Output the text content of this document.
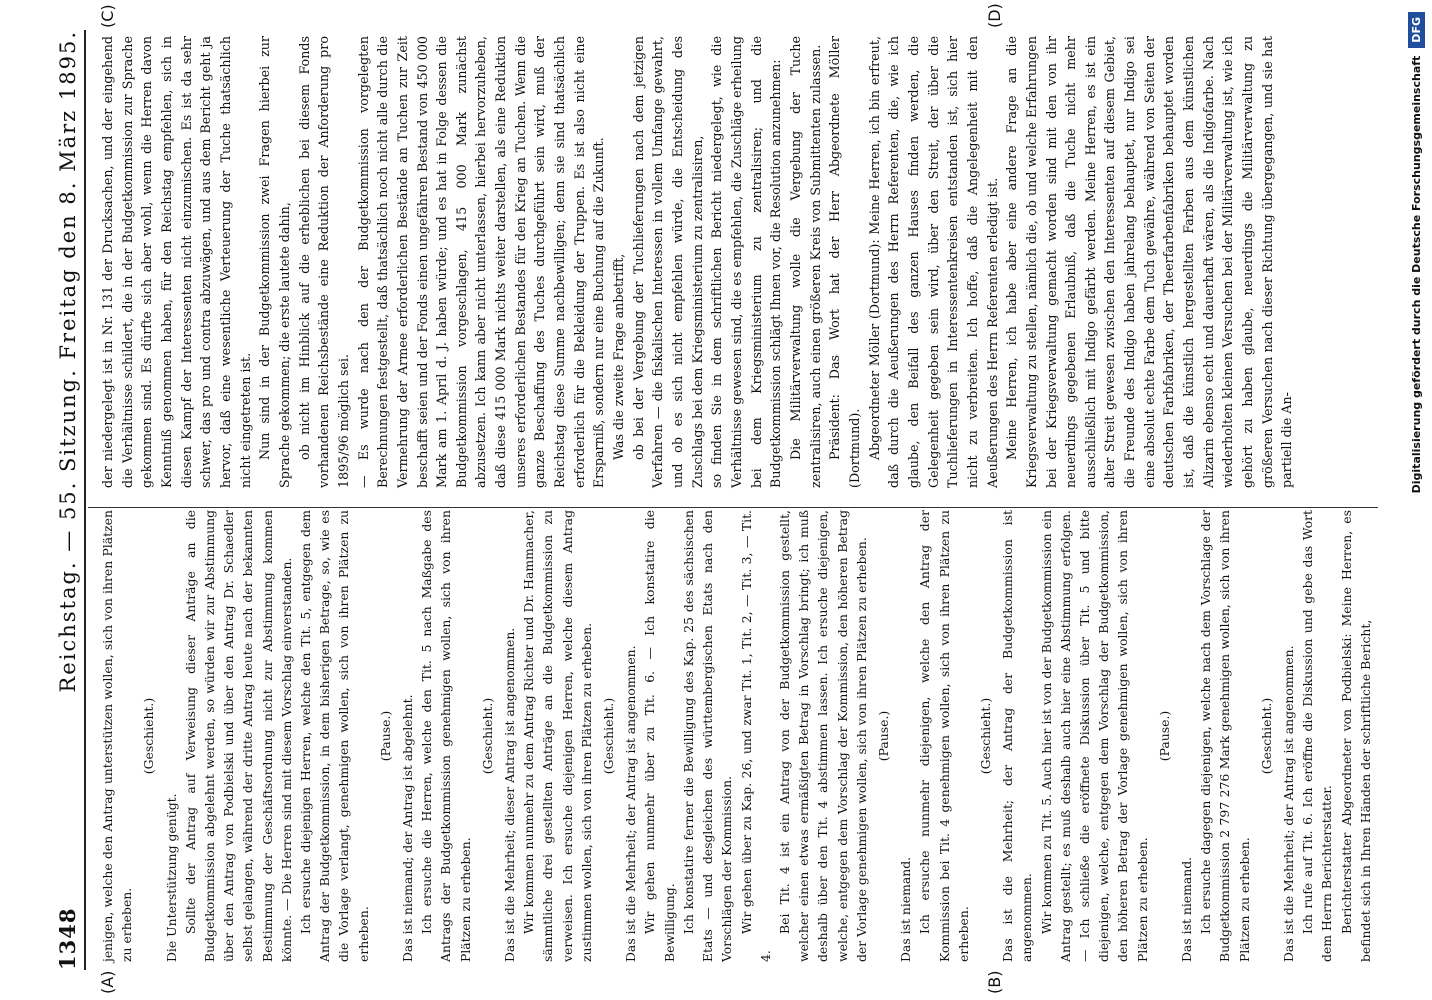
1348
Reichstag. — 55. Sitzung. Freitag den 8. März 1895.
(A)	(B)
(C)	(D)

jenigen, welche den Antrag unterstützen wollen, sich von ihren Plätzen zu erheben.

(Geschieht.)

Die Unterstützung genügt. Sollte der Antrag auf Verweisung dieser Anträge an die Budgetkommission abgelehnt werden, so würden wir zur Abstimmung über den Antrag von Podbielski und über den Antrag Dr. Schaedler selbst gelangen, während der dritte Antrag heute nach der bekannten Bestimmung der Geschäftsordnung nicht zur Abstimmung kommen könnte. — Die Herren sind mit diesem Vorschlag einverstanden. Ich ersuche diejenigen Herren, welche den Tit. 5, entgegen dem Antrag der Budgetkommission, in dem bisherigen Betrage, so, wie es die Vorlage verlangt, genehmigen wollen, sich von ihren Plätzen zu erheben.

(Pause.) Das ist niemand; der Antrag ist abgelehnt. Ich ersuche die Herren, welche den Tit. 5 nach Maßgabe des Antrags der Budgetkommission genehmigen wollen, sich von ihren Plätzen zu erheben.

(Geschieht.) Das ist die Mehrheit; dieser Antrag ist angenommen. Wir kommen nunmehr zu dem Antrag Richter und Dr. Hammacher, sämmtliche drei gestellten Anträge an die Budgetkommission zu verweisen. Ich ersuche diejenigen Herren, welche diesem Antrag zustimmen wollen, sich von ihren Plätzen zu erheben. (Geschieht.) Das ist die Mehrheit; der Antrag ist angenommen. Wir gehen nunmehr über zu Tit. 6. — Ich konstatire die Bewilligung. Ich konstatire ferner die Bewilligung des Kap. 25 des sächsischen Etats — und desgleichen des württembergischen Etats nach den Vorschlägen der Kommission. Wir gehen über zu Kap. 26, und zwar Tit. 1, Tit. 2, — Tit. 3, — Tit. 4.

Bei Tit. 4 ist ein Antrag von der Budgetkommission gestellt, welcher einen etwas ermäßigten Betrag in Vorschlag bringt; ich muß deshalb über den Tit. 4 abstimmen lassen. Ich ersuche diejenigen, welche, entgegen dem Vorschlag der Kommission, den höheren Betrag der Vorlage genehmigen wollen, sich von ihren Plätzen zu erheben. (Pause.)

Das ist niemand. Ich ersuche nunmehr diejenigen, welche den Antrag der Kommission bei Tit. 4 genehmigen wollen, sich von ihren Plätzen zu erheben.

(Geschieht.) Das ist die Mehrheit; der Antrag der Budgetkommission ist angenommen. Wir kommen zu Tit. 5. Auch hier ist von der Budgetkommission ein Antrag gestellt; es muß deshalb auch hier eine Abstimmung erfolgen. — Ich schließe die eröffnete Diskussion über Tit. 5 und bitte diejenigen, welche, entgegen dem Vorschlag der Budgetkommission, den höheren Betrag der Vorlage genehmigen wollen, sich von ihren Plätzen zu erheben.

(Pause.)

Das ist niemand. Ich ersuche dagegen diejenigen, welche nach dem Vorschlage der Budgetkommission 2 797 276 Mark genehmigen wollen, sich von ihren Plätzen zu erheben.

(Geschieht.) Das ist die Mehrheit; der Antrag ist angenommen. Ich rufe auf Tit. 6. Ich eröffne die Diskussion und gebe das Wort dem Herrn Berichterstatter. Berichterstatter Abgeordneter von Podbielski: Meine Herren, es befindet sich in Ihren Händen der schriftliche Bericht,

der niedergelegt ist in Nr. 131 der Drucksachen, und der eingehend die Verhältnisse schildert, die in der Budgetkommission zur Sprache gekommen sind. Es dürfte sich aber wohl, wenn die Herren davon Kenntniß genommen haben, für den Reichstag empfehlen, sich in diesen Kampf der Interessenten nicht einzumischen. Es ist da sehr schwer, das pro und contra abzuwägen, und aus dem Bericht geht ja hervor, daß eine wesentliche Verteuerung der Tuche thatsächlich nicht eingetreten ist. Nun sind in der Budgetkommission zwei Fragen hierbei zur Sprache gekommen; die erste lautete dahin, ob nicht im Hinblick auf die erheblichen bei diesem Fonds vorhandenen Reichsbestände eine Reduktion der Anforderung pro 1895/96 möglich sei. — Es wurde nach den der Budgetkommission vorgelegten Berechnungen festgestellt, daß thatsächlich noch nicht alle durch die Vermehrung der Armee erforderlichen Bestände an Tuchen zur Zeit beschafft seien und der Fonds einen ungefähren Bestand von 450 000 Mark am 1. April d. J. haben würde; und es hat in Folge dessen die Budgetkommission vorgeschlagen, 415 000 Mark zunächst abzusetzen. Ich kann aber nicht unterlassen, hierbei hervorzuheben, daß diese 415 000 Mark nichts weiter darstellen, als eine Reduktion unseres erforderlichen Bestandes für den Krieg an Tuchen. Wenn die ganze Beschaffung des Tuches durchgeführt sein wird, muß der Reichstag diese Summe nachbewilligen; denn sie sind thatsächlich erforderlich für die Bekleidung der Truppen. Es ist also nicht eine Ersparniß, sondern nur eine Buchung auf die Zukunft. Was die zweite Frage anbetrifft, ob bei der Vergebung der Tuchlieferungen nach dem jetzigen Verfahren — die fiskalischen Interessen in vollem Umfange gewahrt, und ob es sich nicht empfehlen würde, die Entscheidung des Zuschlags bei dem Kriegsministerium zu zentralisiren, so finden Sie in dem schriftlichen Bericht niedergelegt, wie die Verhältnisse gewesen sind, die es empfehlen, die Zuschläge erheilung bei dem Kriegsministerium zu zentralisiren; und die Budgetkommission schlägt Ihnen vor, die Resolution anzunehmen: Die Militärverwaltung wolle die Vergebung der Tuche zentralisiren, auch einen größeren Kreis von Submittenten zulassen. Präsident: Das Wort hat der Herr Abgeordnete Möller (Dortmund). Abgeordneter Möller (Dortmund): Meine Herren, ich bin erfreut, daß durch die Aeußerungen des Herrn Referenten, die, wie ich glaube, den Beifall des ganzen Hauses finden werden, die Gelegenheit gegeben sein wird, über den Streit, der über die Tuchlieferungen in Interessentenkreisen entstanden ist, sich hier nicht zu verbreiten. Ich hoffe, daß die Angelegenheit mit den Aeußerungen des Herrn Referenten erledigt ist. Meine Herren, ich habe aber eine andere Frage an die Kriegsverwaltung zu stellen, nämlich die, ob und welche Erfahrungen bei der Kriegsverwaltung gemacht worden sind mit den von ihr neuerdings gegebenen Erlaubniß, daß die Tuche nicht mehr ausschließlich mit Indigo gefärbt werden. Meine Herren, es ist ein alter Streit gewesen zwischen den Interessenten auf diesem Gebiet, die Freunde des Indigo haben jahrelang behauptet, nur Indigo sei eine absolut echte Farbe dem Tuch gewähre, während von Seiten der deutschen Farbfabriken, der Theerfarbenfabriken behauptet worden ist, daß die künstlich hergestellten Farben aus dem künstlichen Alizarin ebenso echt und dauerhaft wären, als die Indigofarbe. Nach wiederholten kleinen Versuchen bei der Militärverwaltung ist, wie ich gehört zu haben glaube, neuerdings die Militärverwaltung zu größeren Versuchen nach dieser Richtung übergegangen, und sie hat partiell die An-	Digitalisierung gefördert durch die Deutsche Forschungsgemeinschaft
DFG
